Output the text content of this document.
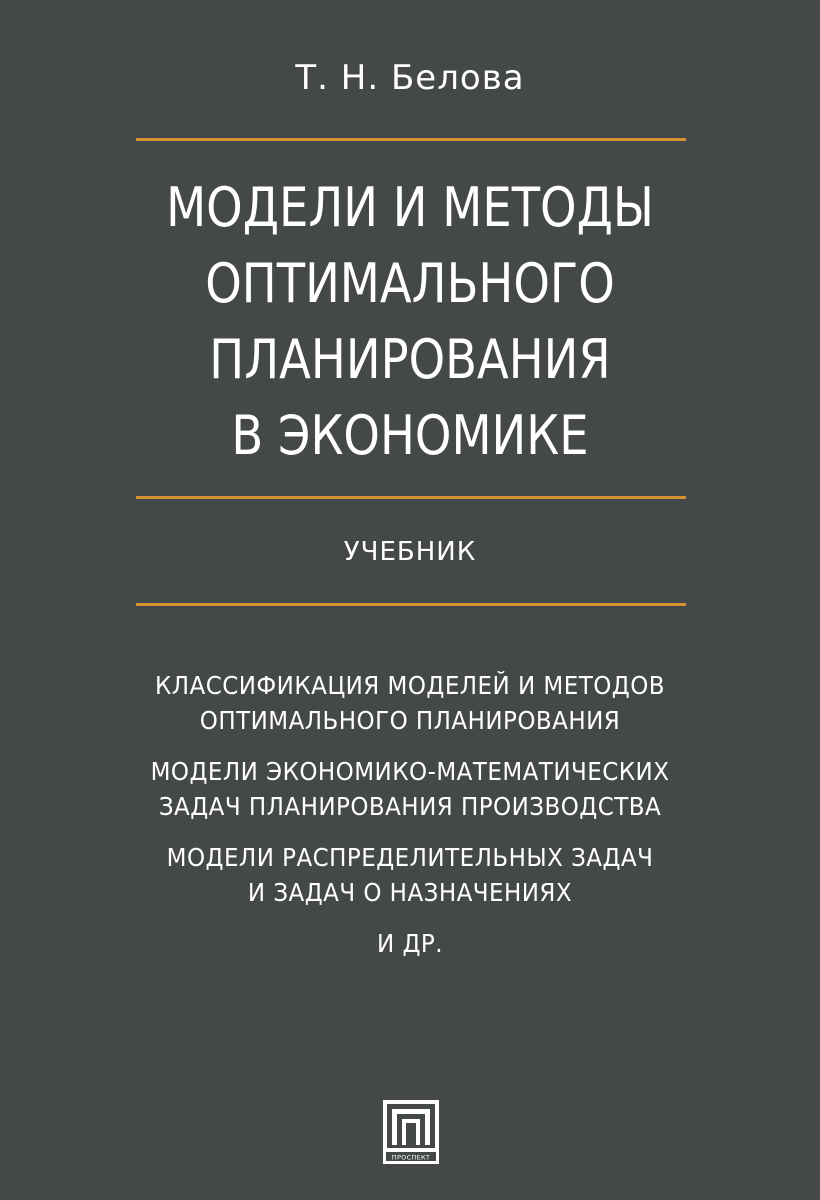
Т. Н. Белова
МОДЕЛИ И МЕТОДЫ
ОПТИМАЛЬНОГО
ПЛАНИРОВАНИЯ
В ЭКОНОМИКЕ
УЧЕБНИК
КЛАССИФИКАЦИЯ МОДЕЛЕЙ И МЕТОДОВ
ОПТИМАЛЬНОГО ПЛАНИРОВАНИЯ
МОДЕЛИ ЭКОНОМИКО-МАТЕМАТИЧЕСКИХ
ЗАДАЧ ПЛАНИРОВАНИЯ ПРОИЗВОДСТВА
МОДЕЛИ РАСПРЕДЕЛИТЕЛЬНЫХ ЗАДАЧ
И ЗАДАЧ О НАЗНАЧЕНИЯХ
И ДР.
ПРОСПЕКТ
